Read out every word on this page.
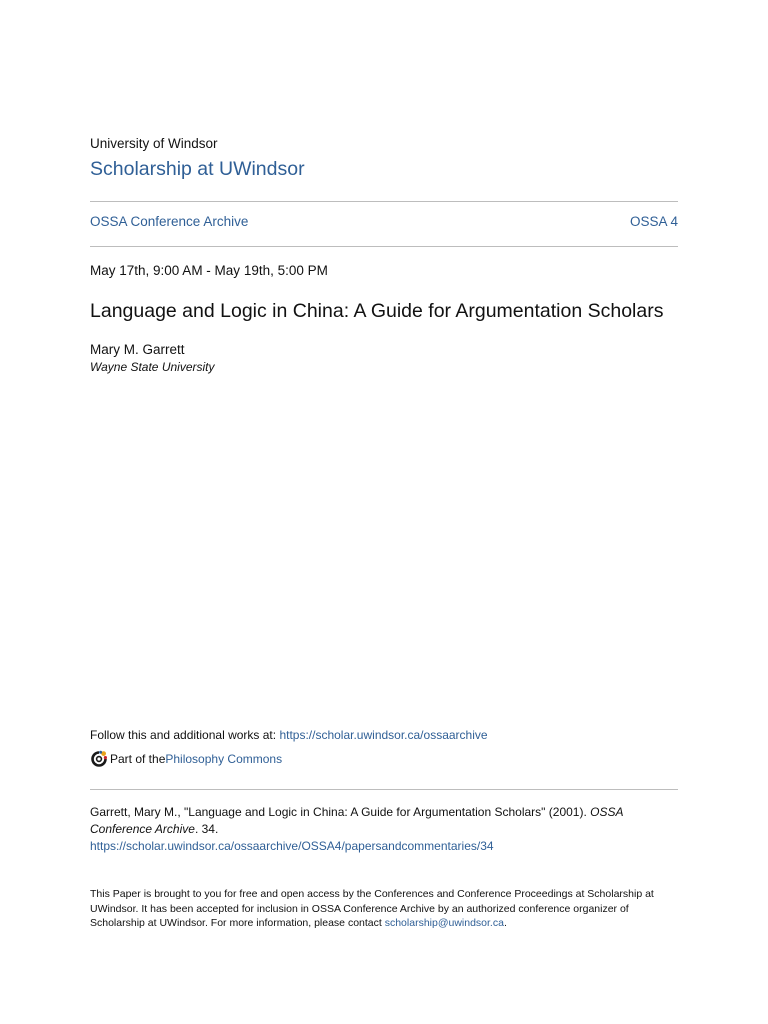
University of Windsor
Scholarship at UWindsor
OSSA Conference Archive	OSSA 4
May 17th, 9:00 AM - May 19th, 5:00 PM
Language and Logic in China: A Guide for Argumentation Scholars
Mary M. Garrett
Wayne State University
Follow this and additional works at: https://scholar.uwindsor.ca/ossaarchive
Part of the Philosophy Commons
Garrett, Mary M., "Language and Logic in China: A Guide for Argumentation Scholars" (2001). OSSA Conference Archive. 34.
https://scholar.uwindsor.ca/ossaarchive/OSSA4/papersandcommentaries/34
This Paper is brought to you for free and open access by the Conferences and Conference Proceedings at Scholarship at UWindsor. It has been accepted for inclusion in OSSA Conference Archive by an authorized conference organizer of Scholarship at UWindsor. For more information, please contact scholarship@uwindsor.ca.
